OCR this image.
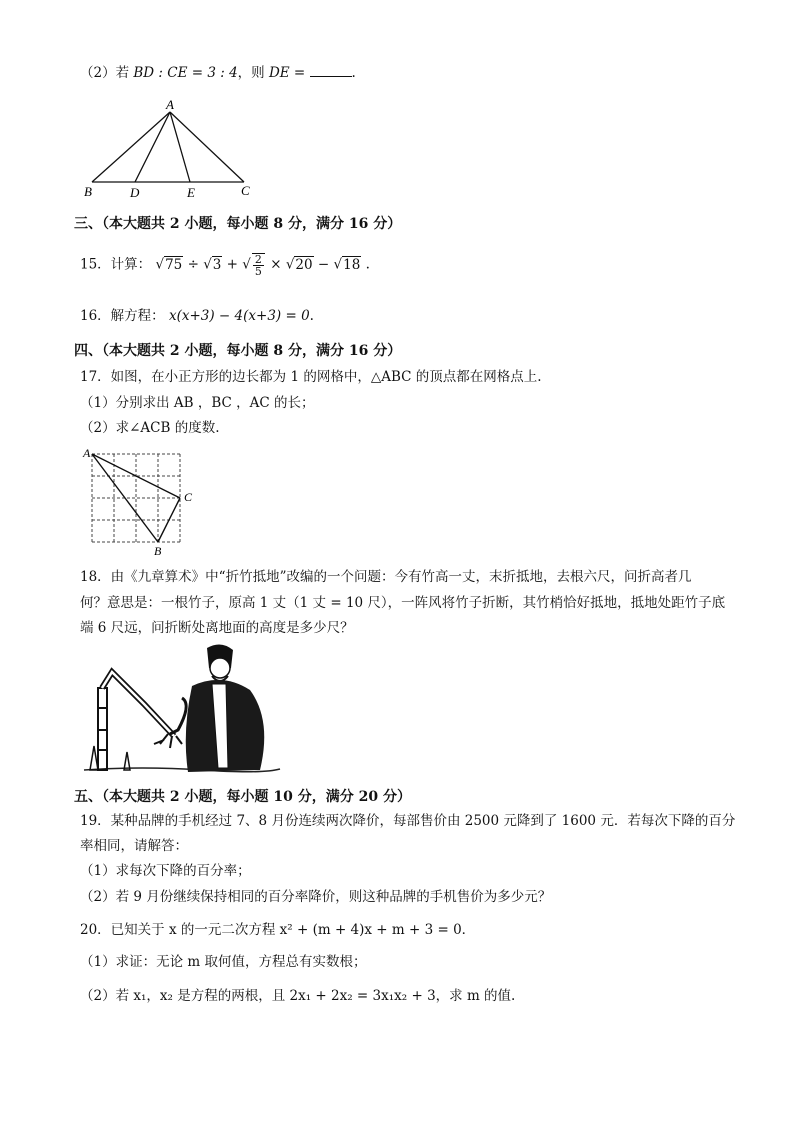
（2）若 BD : CE = 3 : 4，则 DE =	.
A
B	D	E	C
三、（本大题共 2 小题，每小题 8 分，满分 16 分）
15．计算： √75 ÷ √3 + √ $\frac{2}{5} \times √20 - √18$ .
16．解方程： x(x+3) − 4(x+3) = 0.
四、（本大题共 2 小题，每小题 8 分，满分 16 分）
17．如图，在小正方形的边长都为 1 的网格中，△ABC 的顶点都在网格点上.
（1）分别求出 AB ，BC ，AC 的长；
（2）求∠ACB 的度数.
A
C
B
18．由《九章算术》中“折竹抵地”改编的一个问题：今有竹高一丈，末折抵地，去根六尺，问折高者几
何？意思是：一根竹子，原高 1 丈（1 丈 = 10 尺），一阵风将竹子折断，其竹梢恰好抵地，抵地处距竹子底
端 6 尺远，问折断处离地面的高度是多少尺？
五、（本大题共 2 小题，每小题 10 分，满分 20 分）
19．某种品牌的手机经过 7、8 月份连续两次降价，每部售价由 2500 元降到了 1600 元．若每次下降的百分
率相同，请解答：
（1）求每次下降的百分率；
（2）若 9 月份继续保持相同的百分率降价，则这种品牌的手机售价为多少元？
20．已知关于 x 的一元二次方程 x² + (m + 4)x + m + 3 = 0．
（1）求证：无论 m 取何值，方程总有实数根；
（2）若 x₁，x₂ 是方程的两根，且 2x₁ + 2x₂ = 3x₁x₂ + 3，求 m 的值.
